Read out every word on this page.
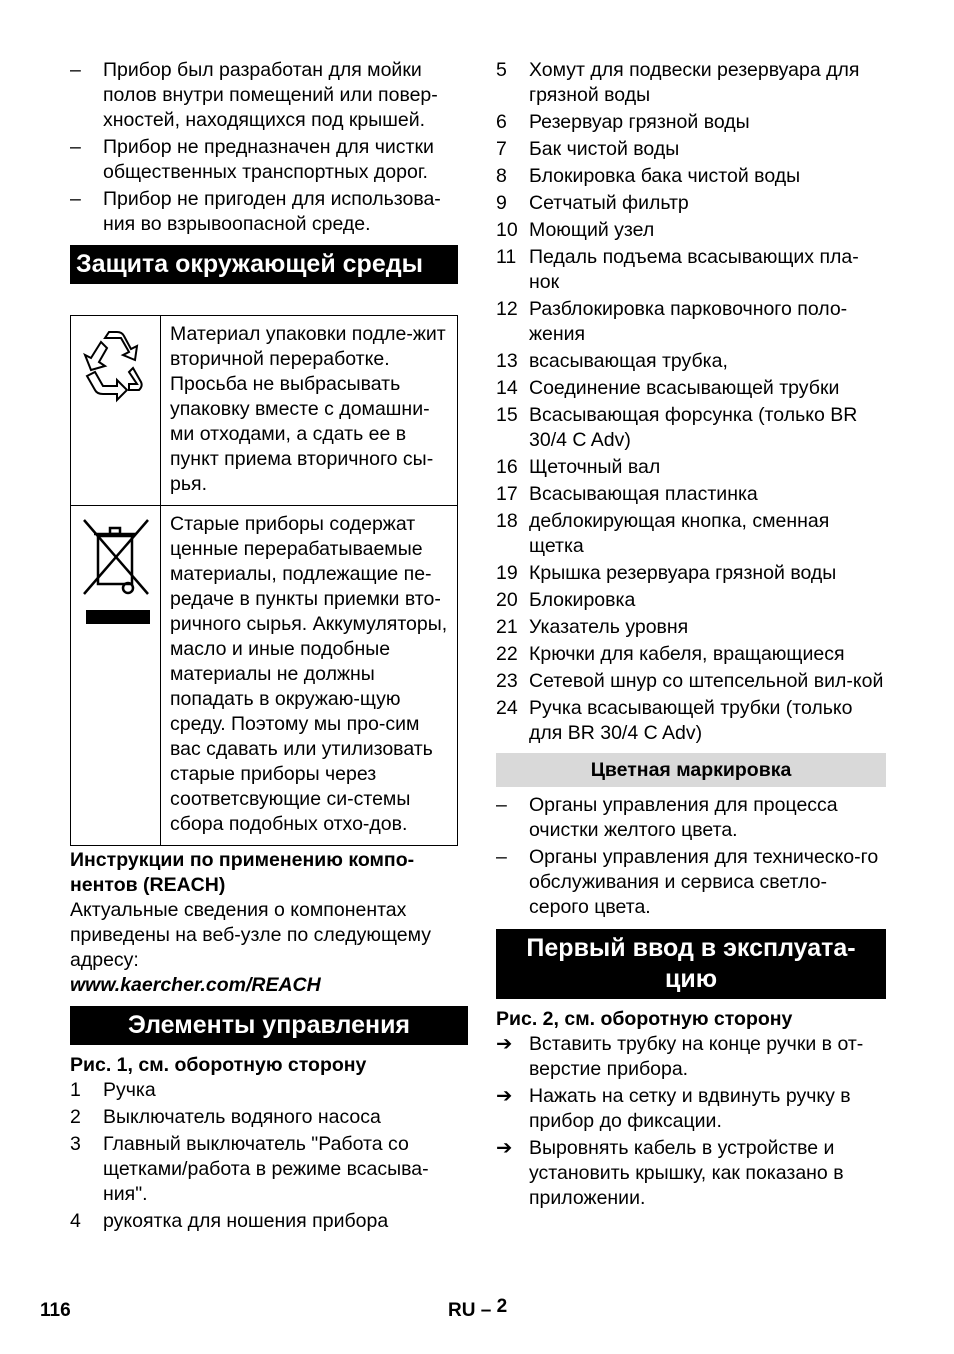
– Прибор был разработан для мойки полов внутри помещений или повер-хностей, находящихся под крышей.
– Прибор не предназначен для чистки общественных транспортных дорог.
– Прибор не пригоден для использова-ния во взрывоопасной среде.
Защита окружающей среды
	Материал упаковки подле-жит вторичной переработке. Просьба не выбрасывать упаковку вместе с домашни-ми отходами, а сдать ее в пункт приема вторичного сы-рья.
	Старые приборы содержат ценные перерабатываемые материалы, подлежащие пе-редаче в пункты приемки вто-ричного сырья. Аккумуляторы, масло и иные подобные материалы не должны попадать в окружаю-щую среду. Поэтому мы про-сим вас сдавать или утилизовать старые приборы через соответсвующие си-стемы сбора подобных отхо-дов.
Инструкции по применению компо-нентов (REACH)
Актуальные сведения о компонентах приведены на веб-узле по следующему адресу:
www.kaercher.com/REACH
Элементы управления
Рис. 1, см. оборотную сторону
1	Ручка
2	Выключатель водяного насоса
3	Главный выключатель "Работа со щетками/работа в режиме всасыва-ния".
4	рукоятка для ношения прибора
5	Хомут для подвески резервуара для грязной воды
6	Резервуар грязной воды
7	Бак чистой воды
8	Блокировка бака чистой воды
9	Сетчатый фильтр
10 Моющий узел
11 Педаль подъема всасывающих пла-нок
12 Разблокировка парковочного поло-жения
13 всасывающая трубка,
14 Соединение всасывающей трубки
15 Всасывающая форсунка (только BR 30/4 C Adv)
16 Щеточный вал
17 Всасывающая пластинка
18 деблокирующая кнопка, сменная щетка
19 Крышка резервуара грязной воды
20 Блокировка
21 Указатель уровня
22 Крючки для кабеля, вращающиеся
23 Сетевой шнур со штепсельной вил-кой
24 Ручка всасывающей трубки (только для BR 30/4 C Adv)
Цветная маркировка
– Органы управления для процесса очистки желтого цвета.
– Органы управления для техническо-го обслуживания и сервиса светло-серого цвета.
Первый ввод в эксплуата-цию
Рис. 2, см. оборотную сторону
➔ Вставить трубку на конце ручки в от-верстие прибора.
➔ Нажать на сетку и вдвинуть ручку в прибор до фиксации.
➔ Выровнять кабель в устройстве и установить крышку, как показано в приложении.
116	RU – 2
